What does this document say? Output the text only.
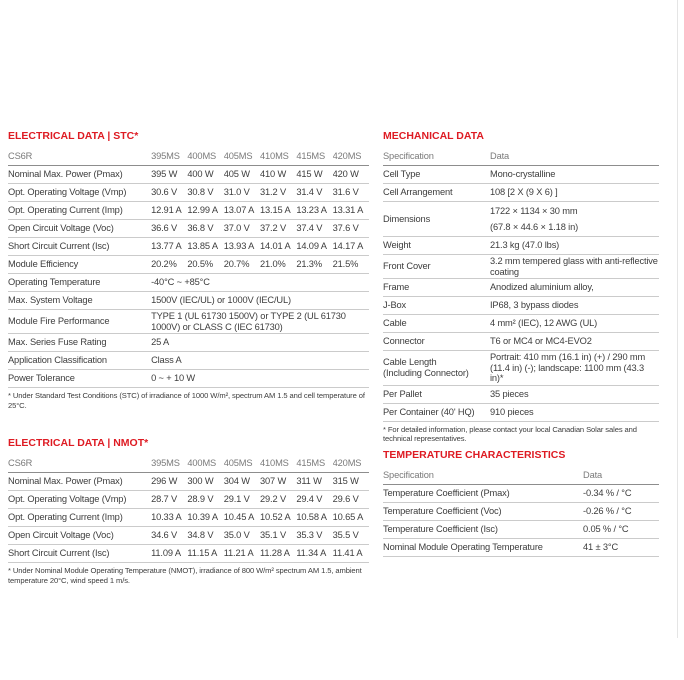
ELECTRICAL DATA | STC*
CS6R	395MS	400MS	405MS	410MS	415MS	420MS
Nominal Max. Power (Pmax)	395 W	400 W	405 W	410 W	415 W	420 W
Opt. Operating Voltage (Vmp)	30.6 V	30.8 V	31.0 V	31.2 V	31.4 V	31.6 V
Opt. Operating Current (Imp)	12.91 A	12.99 A	13.07 A	13.15 A	13.23 A	13.31 A
Open Circuit Voltage (Voc)	36.6 V	36.8 V	37.0 V	37.2 V	37.4 V	37.6 V
Short Circuit Current (Isc)	13.77 A	13.85 A	13.93 A	14.01 A	14.09 A	14.17 A
Module Efficiency	20.2%	20.5%	20.7%	21.0%	21.3%	21.5%
Operating Temperature	-40°C ~ +85°C					
Max. System Voltage	1500V (IEC/UL) or 1000V (IEC/UL)					
Module Fire Performance	TYPE 1 (UL 61730 1500V) or TYPE 2 (UL 61730 1000V) or CLASS C (IEC 61730)					
Max. Series Fuse Rating	25 A					
Application Classification	Class A					
Power Tolerance	0 ~ + 10 W					

* Under Standard Test Conditions (STC) of irradiance of 1000 W/m², spectrum AM 1.5 and cell temperature of 25°C.

MECHANICAL DATA
Specification	Data
Cell Type	Mono-crystalline
Cell Arrangement	108 [2 X (9 X 6) ]
Dimensions	1722 × 1134 × 30 mm
(67.8 × 44.6 × 1.18 in)

Weight	21.3 kg (47.0 lbs)
Front Cover	3.2 mm tempered glass with anti-reflective coating
Frame	Anodized aluminium alloy,
J-Box	IP68, 3 bypass diodes
Cable	4 mm² (IEC), 12 AWG (UL)
Connector	T6 or MC4 or MC4-EVO2

Cable Length
(Including Connector)	Portrait: 410 mm (16.1 in) (+) / 290 mm (11.4 in) (-); landscape: 1100 mm (43.3 in)*
Per Pallet	35 pieces
Per Container (40' HQ)	910 pieces

* For detailed information, please contact your local Canadian Solar sales and technical representatives.

ELECTRICAL DATA | NMOT*
CS6R	395MS	400MS	405MS	410MS	415MS	420MS
Nominal Max. Power (Pmax)	296 W	300 W	304 W	307 W	311 W	315 W
Opt. Operating Voltage (Vmp)	28.7 V	28.9 V	29.1 V	29.2 V	29.4 V	29.6 V
Opt. Operating Current (Imp)	10.33 A	10.39 A	10.45 A	10.52 A	10.58 A	10.65 A
Open Circuit Voltage (Voc)	34.6 V	34.8 V	35.0 V	35.1 V	35.3 V	35.5 V
Short Circuit Current (Isc)	11.09 A	11.15 A	11.21 A	11.28 A	11.34 A	11.41 A

* Under Nominal Module Operating Temperature (NMOT), irradiance of 800 W/m² spectrum AM 1.5, ambient temperature 20°C, wind speed 1 m/s.

TEMPERATURE CHARACTERISTICS
Specification	Data
Temperature Coefficient (Pmax)	-0.34 % / °C
Temperature Coefficient (Voc)	-0.26 % / °C
Temperature Coefficient (Isc)	0.05 % / °C
Nominal Module Operating Temperature	41 ± 3°C
